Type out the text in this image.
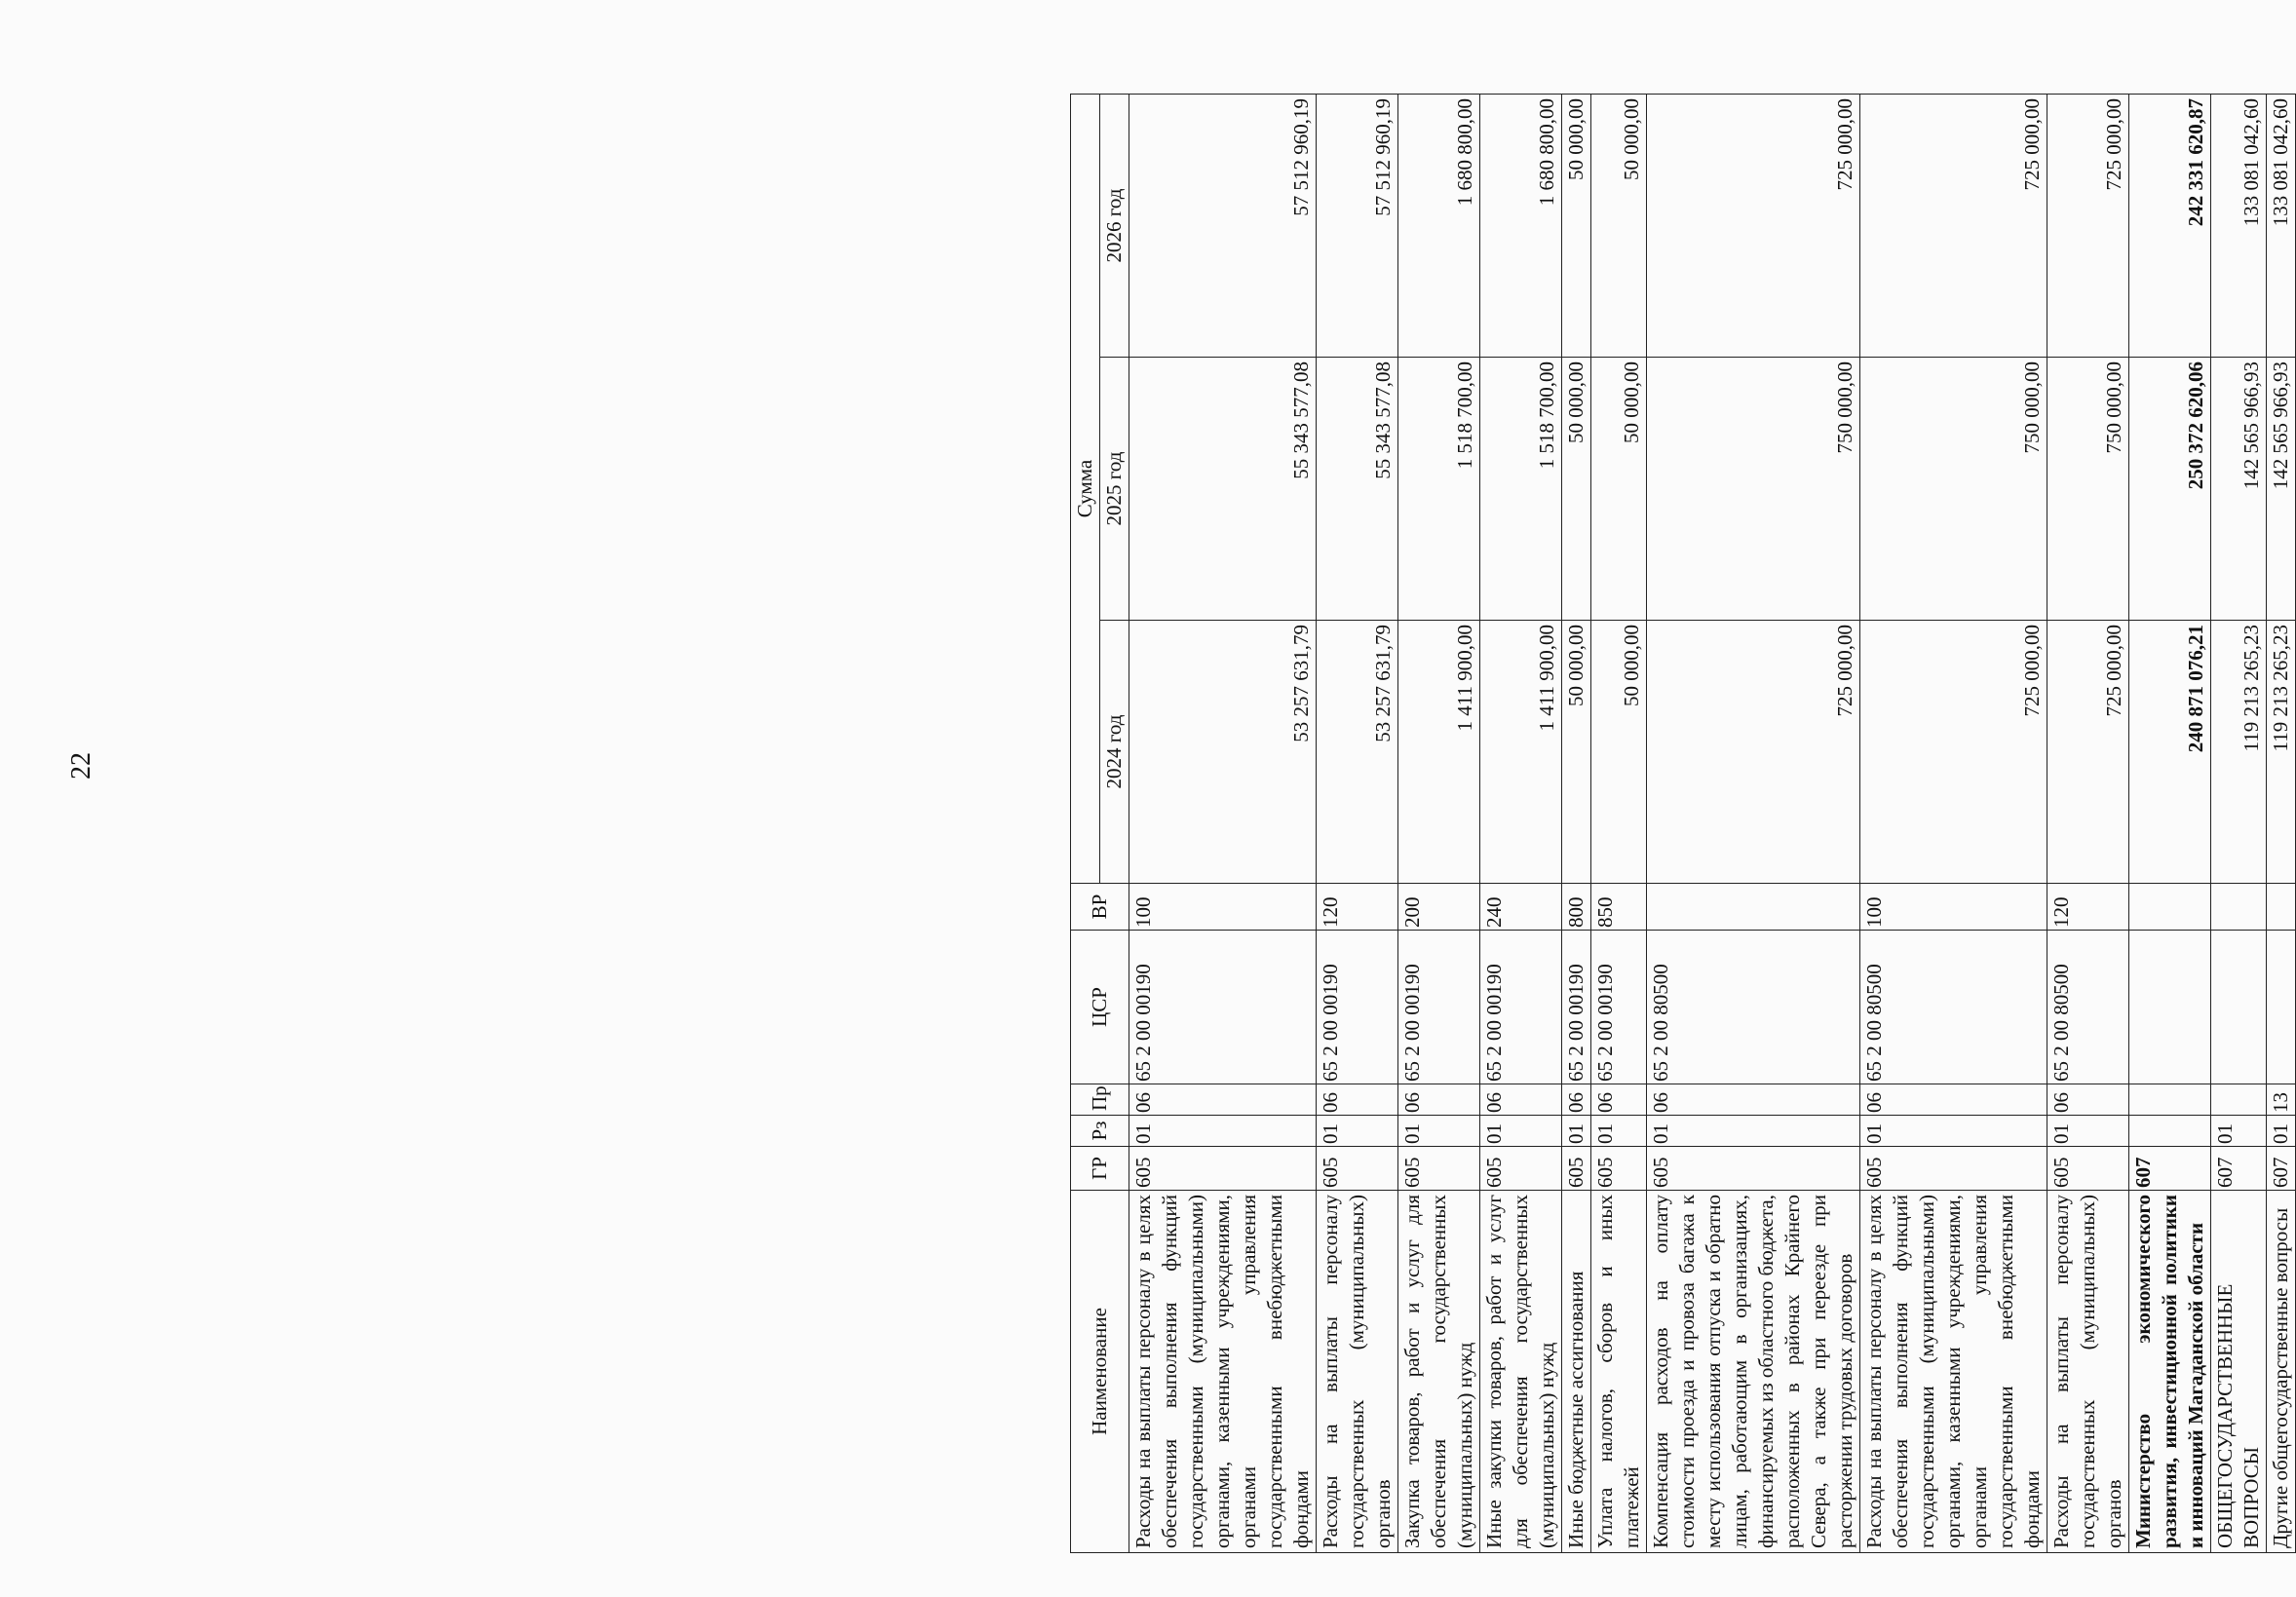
22
Наименование	ГР	Рз	Пр	ЦСР	ВР	Сумма		
						2024 год	2025 год	2026 год
Расходы на выплаты персоналу в целях обеспечения выполнения функций государственными (муниципальными) органами, казенными учреждениями, органами управления государственными внебюджетными фондами	605	01	06	65 2 00 00190	100	53 257 631,79	55 343 577,08	57 512 960,19
Расходы на выплаты персоналу государственных (муниципальных) органов	605	01	06	65 2 00 00190	120	53 257 631,79	55 343 577,08	57 512 960,19
Закупка товаров, работ и услуг для обеспечения государственных (муниципальных) нужд	605	01	06	65 2 00 00190	200	1 411 900,00	1 518 700,00	1 680 800,00
Иные закупки товаров, работ и услуг для обеспечения государственных (муниципальных) нужд	605	01	06	65 2 00 00190	240	1 411 900,00	1 518 700,00	1 680 800,00
Иные бюджетные ассигнования	605	01	06	65 2 00 00190	800	50 000,00	50 000,00	50 000,00
Уплата налогов, сборов и иных платежей	605	01	06	65 2 00 00190	850	50 000,00	50 000,00	50 000,00
Компенсация расходов на оплату стоимости проезда и провоза багажа к месту использования отпуска и обратно лицам, работающим в организациях, финансируемых из областного бюджета, расположенных в районах Крайнего Севера, а также при переезде при расторжении трудовых договоров	605	01	06	65 2 00 80500		725 000,00	750 000,00	725 000,00
Расходы на выплаты персоналу в целях обеспечения выполнения функций государственными (муниципальными) органами, казенными учреждениями, органами управления государственными внебюджетными фондами	605	01	06	65 2 00 80500	100	725 000,00	750 000,00	725 000,00
Расходы на выплаты персоналу государственных (муниципальных) органов	605	01	06	65 2 00 80500	120	725 000,00	750 000,00	725 000,00
Министерство экономического развития, инвестиционной политики и инноваций Магаданской области	607					240 871 076,21	250 372 620,06	242 331 620,87
ОБЩЕГОСУДАРСТВЕННЫЕ ВОПРОСЫ	607	01				119 213 265,23	142 565 966,93	133 081 042,60
Другие общегосударственные вопросы	607	01	13			119 213 265,23	142 565 966,93	133 081 042,60
